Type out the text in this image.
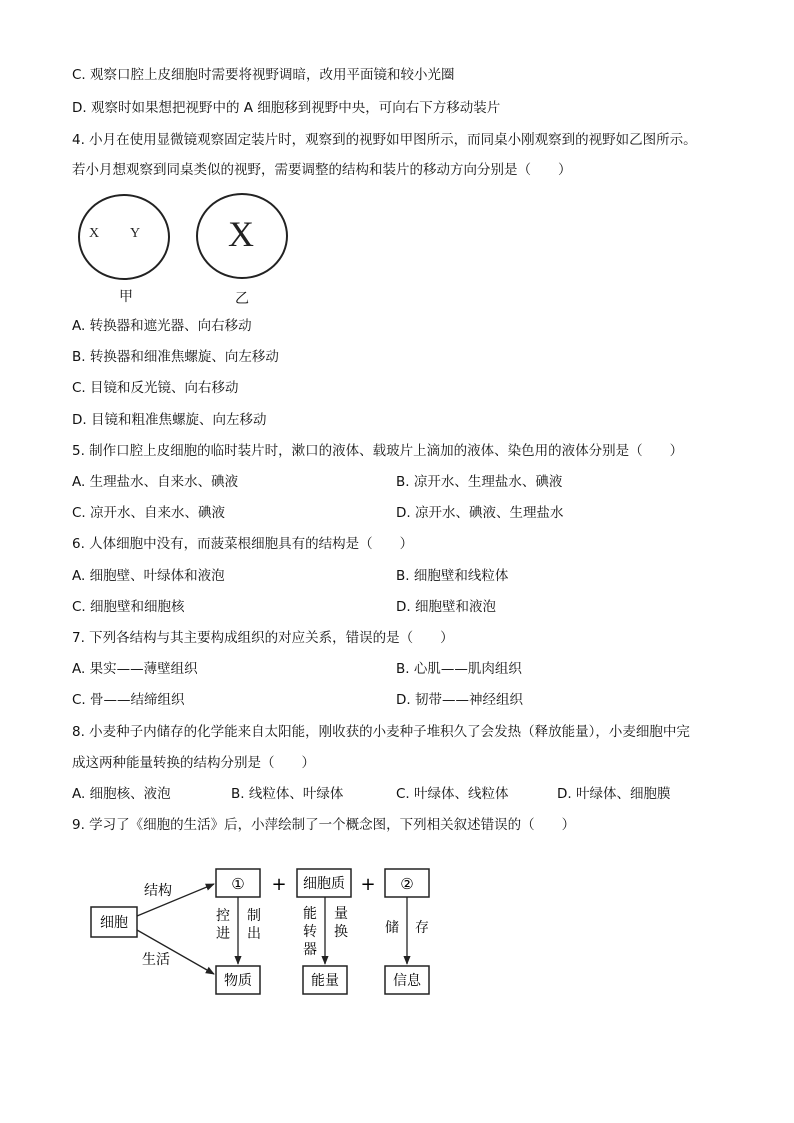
C. 观察口腔上皮细胞时需要将视野调暗，改用平面镜和较小光圈
D. 观察时如果想把视野中的 A 细胞移到视野中央，可向右下方移动装片
4. 小月在使用显微镜观察固定装片时，观察到的视野如甲图所示，而同桌小刚观察到的视野如乙图所示。
若小月想观察到同桌类似的视野，需要调整的结构和装片的移动方向分别是（　　）
X Y X
甲	乙
A. 转换器和遮光器、向右移动
B. 转换器和细准焦螺旋、向左移动
C. 目镜和反光镜、向右移动
D. 目镜和粗准焦螺旋、向左移动
5. 制作口腔上皮细胞的临时装片时，漱口的液体、载玻片上滴加的液体、染色用的液体分别是（　　）
A. 生理盐水、自来水、碘液	B. 凉开水、生理盐水、碘液
C. 凉开水、自来水、碘液	D. 凉开水、碘液、生理盐水
6. 人体细胞中没有，而菠菜根细胞具有的结构是（　　）
A. 细胞壁、叶绿体和液泡	B. 细胞壁和线粒体
C. 细胞壁和细胞核	D. 细胞壁和液泡
7. 下列各结构与其主要构成组织的对应关系，错误的是（　　）
A. 果实——薄壁组织	B. 心肌——肌肉组织
C. 骨——结缔组织	D. 韧带——神经组织
8. 小麦种子内储存的化学能来自太阳能，刚收获的小麦种子堆积久了会发热（释放能量），小麦细胞中完
成这两种能量转换的结构分别是（　　）
A. 细胞核、液泡	B. 线粒体、叶绿体	C. 叶绿体、线粒体	D. 叶绿体、细胞膜
9. 学习了《细胞的生活》后，小萍绘制了一个概念图，下列相关叙述错误的（　　）
细胞
结构
生活
① + 细胞质 + ②
控
进
制
出
能
转
器
量
换	储 存
物质	能量	信息
